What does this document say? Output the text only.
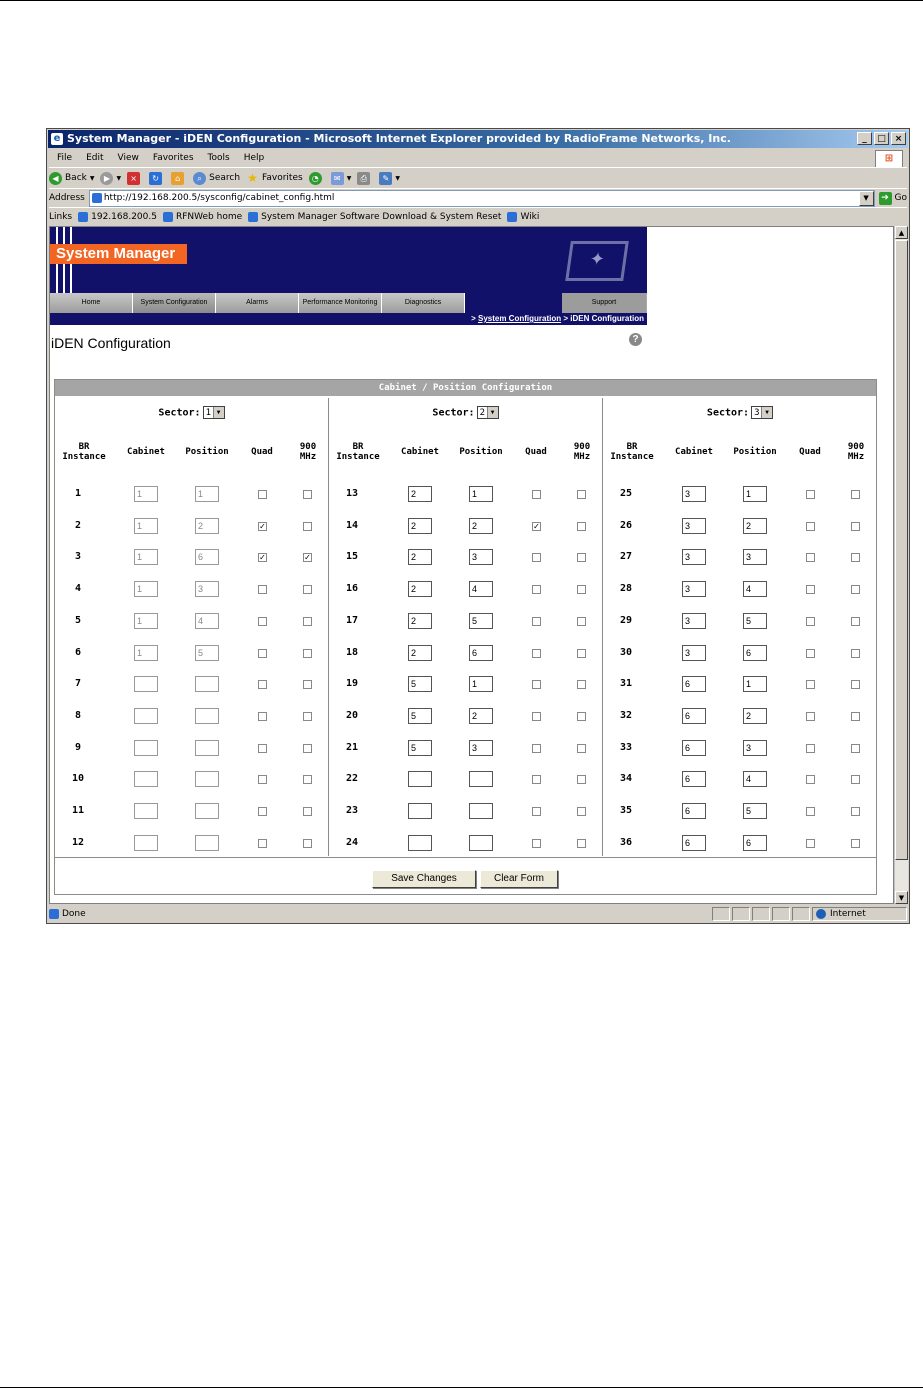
e System Manager - iDEN Configuration - Microsoft Internet Explorer provided by RadioFrame Networks, Inc.	_	□ ×
File Edit View Favorites Tools Help	⊞
◀ Back ▼	▶	▼	×	↻	⌂	⌕ Search ★ Favorites	◔	✉	▼	⎙	✎	▼
Address	http://192.168.200.5/sysconfig/cabinet_config.html	▼	➔ Go
Links 192.168.200.5 RFNWeb home System Manager Software Download & System Reset Wiki
System Manager	✦
Home	System Configuration	Alarms	Performance Monitoring	Diagnostics	Support
> System Configuration > iDEN Configuration
iDEN Configuration	?
Cabinet / Position Configuration
Sector: 1 ▼
BR Instance	Cabinet	Position	Quad	900 MHz
1	1	1
2	1	2	✓
3	1	6	✓	✓
4	1	3
5	1	4
6	1	5
7
8
9
10
11
12
Sector: 2 ▼
BR Instance	Cabinet	Position	Quad	900 MHz
13	2	1
14	2	2	✓
15	2	3
16	2	4
17	2	5
18	2	6
19	5	1
20	5	2
21	5	3
22
23
24
Sector: 3 ▼
BR Instance	Cabinet	Position	Quad	900 MHz
25	3	1
26	3	2
27	3	3
28	3	4
29	3	5
30	3	6
31	6	1
32	6	2
33	6	3
34	6	4
35	6	5
36	6	6
Save Changes	Clear Form
▲
▼
Done	Internet
